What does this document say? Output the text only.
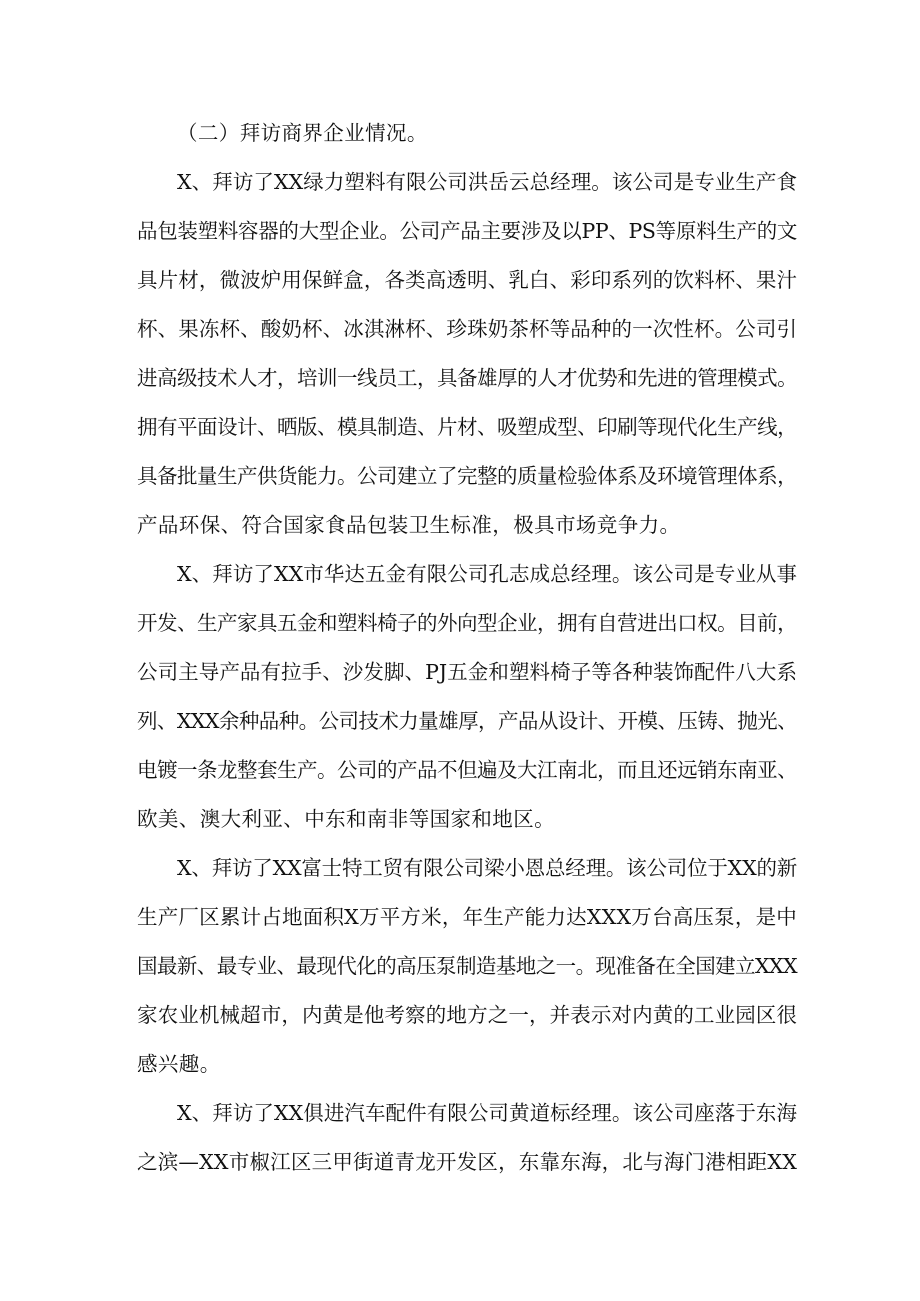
（二）拜访商界企业情况。
X、拜访了XX绿力塑料有限公司洪岳云总经理。该公司是专业生产食
品包装塑料容器的大型企业。公司产品主要涉及以PP、PS等原料生产的文
具片材，微波炉用保鲜盒，各类高透明、乳白、彩印系列的饮料杯、果汁
杯、果冻杯、酸奶杯、冰淇淋杯、珍珠奶茶杯等品种的一次性杯。公司引
进高级技术人才，培训一线员工，具备雄厚的人才优势和先进的管理模式。
拥有平面设计、晒版、模具制造、片材、吸塑成型、印刷等现代化生产线，
具备批量生产供货能力。公司建立了完整的质量检验体系及环境管理体系，
产品环保、符合国家食品包装卫生标准，极具市场竞争力。
X、拜访了XX市华达五金有限公司孔志成总经理。该公司是专业从事
开发、生产家具五金和塑料椅子的外向型企业，拥有自营进出口权。目前，
公司主导产品有拉手、沙发脚、PJ五金和塑料椅子等各种装饰配件八大系
列、XXX余种品种。公司技术力量雄厚，产品从设计、开模、压铸、抛光、
电镀一条龙整套生产。公司的产品不但遍及大江南北，而且还远销东南亚、
欧美、澳大利亚、中东和南非等国家和地区。
X、拜访了XX富士特工贸有限公司梁小恩总经理。该公司位于XX的新
生产厂区累计占地面积X万平方米，年生产能力达XXX万台高压泵，是中
国最新、最专业、最现代化的高压泵制造基地之一。现准备在全国建立XXX
家农业机械超市，内黄是他考察的地方之一，并表示对内黄的工业园区很
感兴趣。
X、拜访了XX俱进汽车配件有限公司黄道标经理。该公司座落于东海
之滨—XX市椒江区三甲街道青龙开发区，东靠东海，北与海门港相距XX
